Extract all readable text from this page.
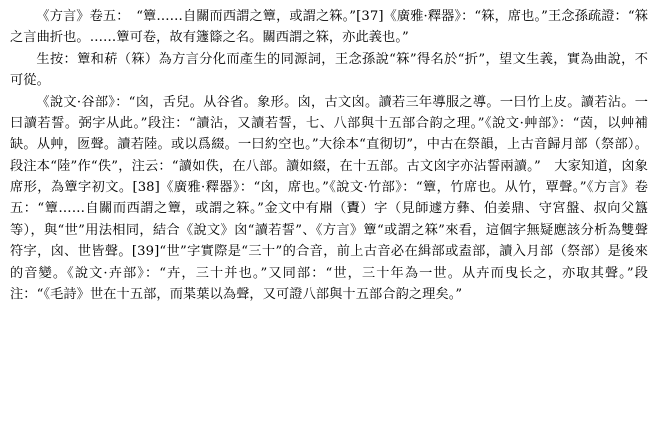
《方言》卷五：　“簟……自關而西謂之簟，或謂之箖。”[37]《廣雅·釋器》：“箖，席也。”王念孫疏證：“箖之言曲折也。……簟可卷，故有籧篨之名。關西謂之箖，亦此義也。”

生按：簟和菥（箖）為方言分化而產生的同源詞，王念孫說“箖”得名於“折”，望文生義，實為曲說，不可從。

《說文·谷部》：“囟，舌兒。从谷省。象形。囟，古文囟。讀若三年導服之導。一曰竹上皮。讀若沾。一曰讀若誓。弼字从此。”段注：“讀沾，又讀若誓，七、八部與十五部合韵之理。”《說文·艸部》：“茵，以艸補缺。从艸，匢聲。讀若陸。或以爲綴。一曰約空也。”大徐本“直彻切”，中古在祭韻，上古音歸月部（祭部）。段注本“陸”作“佚”，注云：“讀如佚，在八部。讀如綴，在十五部。古文囟字亦沾誓兩讀。”　大家知道，囟象席形，為簟字初文。[38]《廣雅·釋器》：“囟，席也。”《說文·竹部》：“簟，竹席也。从竹，覃聲。”《方言》卷五：“簟……自關而西謂之簟，或謂之箖。”金文中有𣶒（𧵩）字（見師遽方彝、伯姜鼎、守宮盤、叔向父簋等），與“世”用法相同，結合《說文》囟“讀若誓”、《方言》簟“或謂之箖”來看，這個字無疑應該分析為雙聲符字，囟、世皆聲。[39]“世”字實際是“三十”的合音，前上古音必在緝部或盍部，讀入月部（祭部）是後來的音變。《說文·卉部》：“卉，三十并也。”又同部：“世，三十年為一世。从卉而曳长之，亦取其聲。”段注：“《毛詩》世在十五部，而枼葉以為聲，又可證八部與十五部合韵之理矣。”
